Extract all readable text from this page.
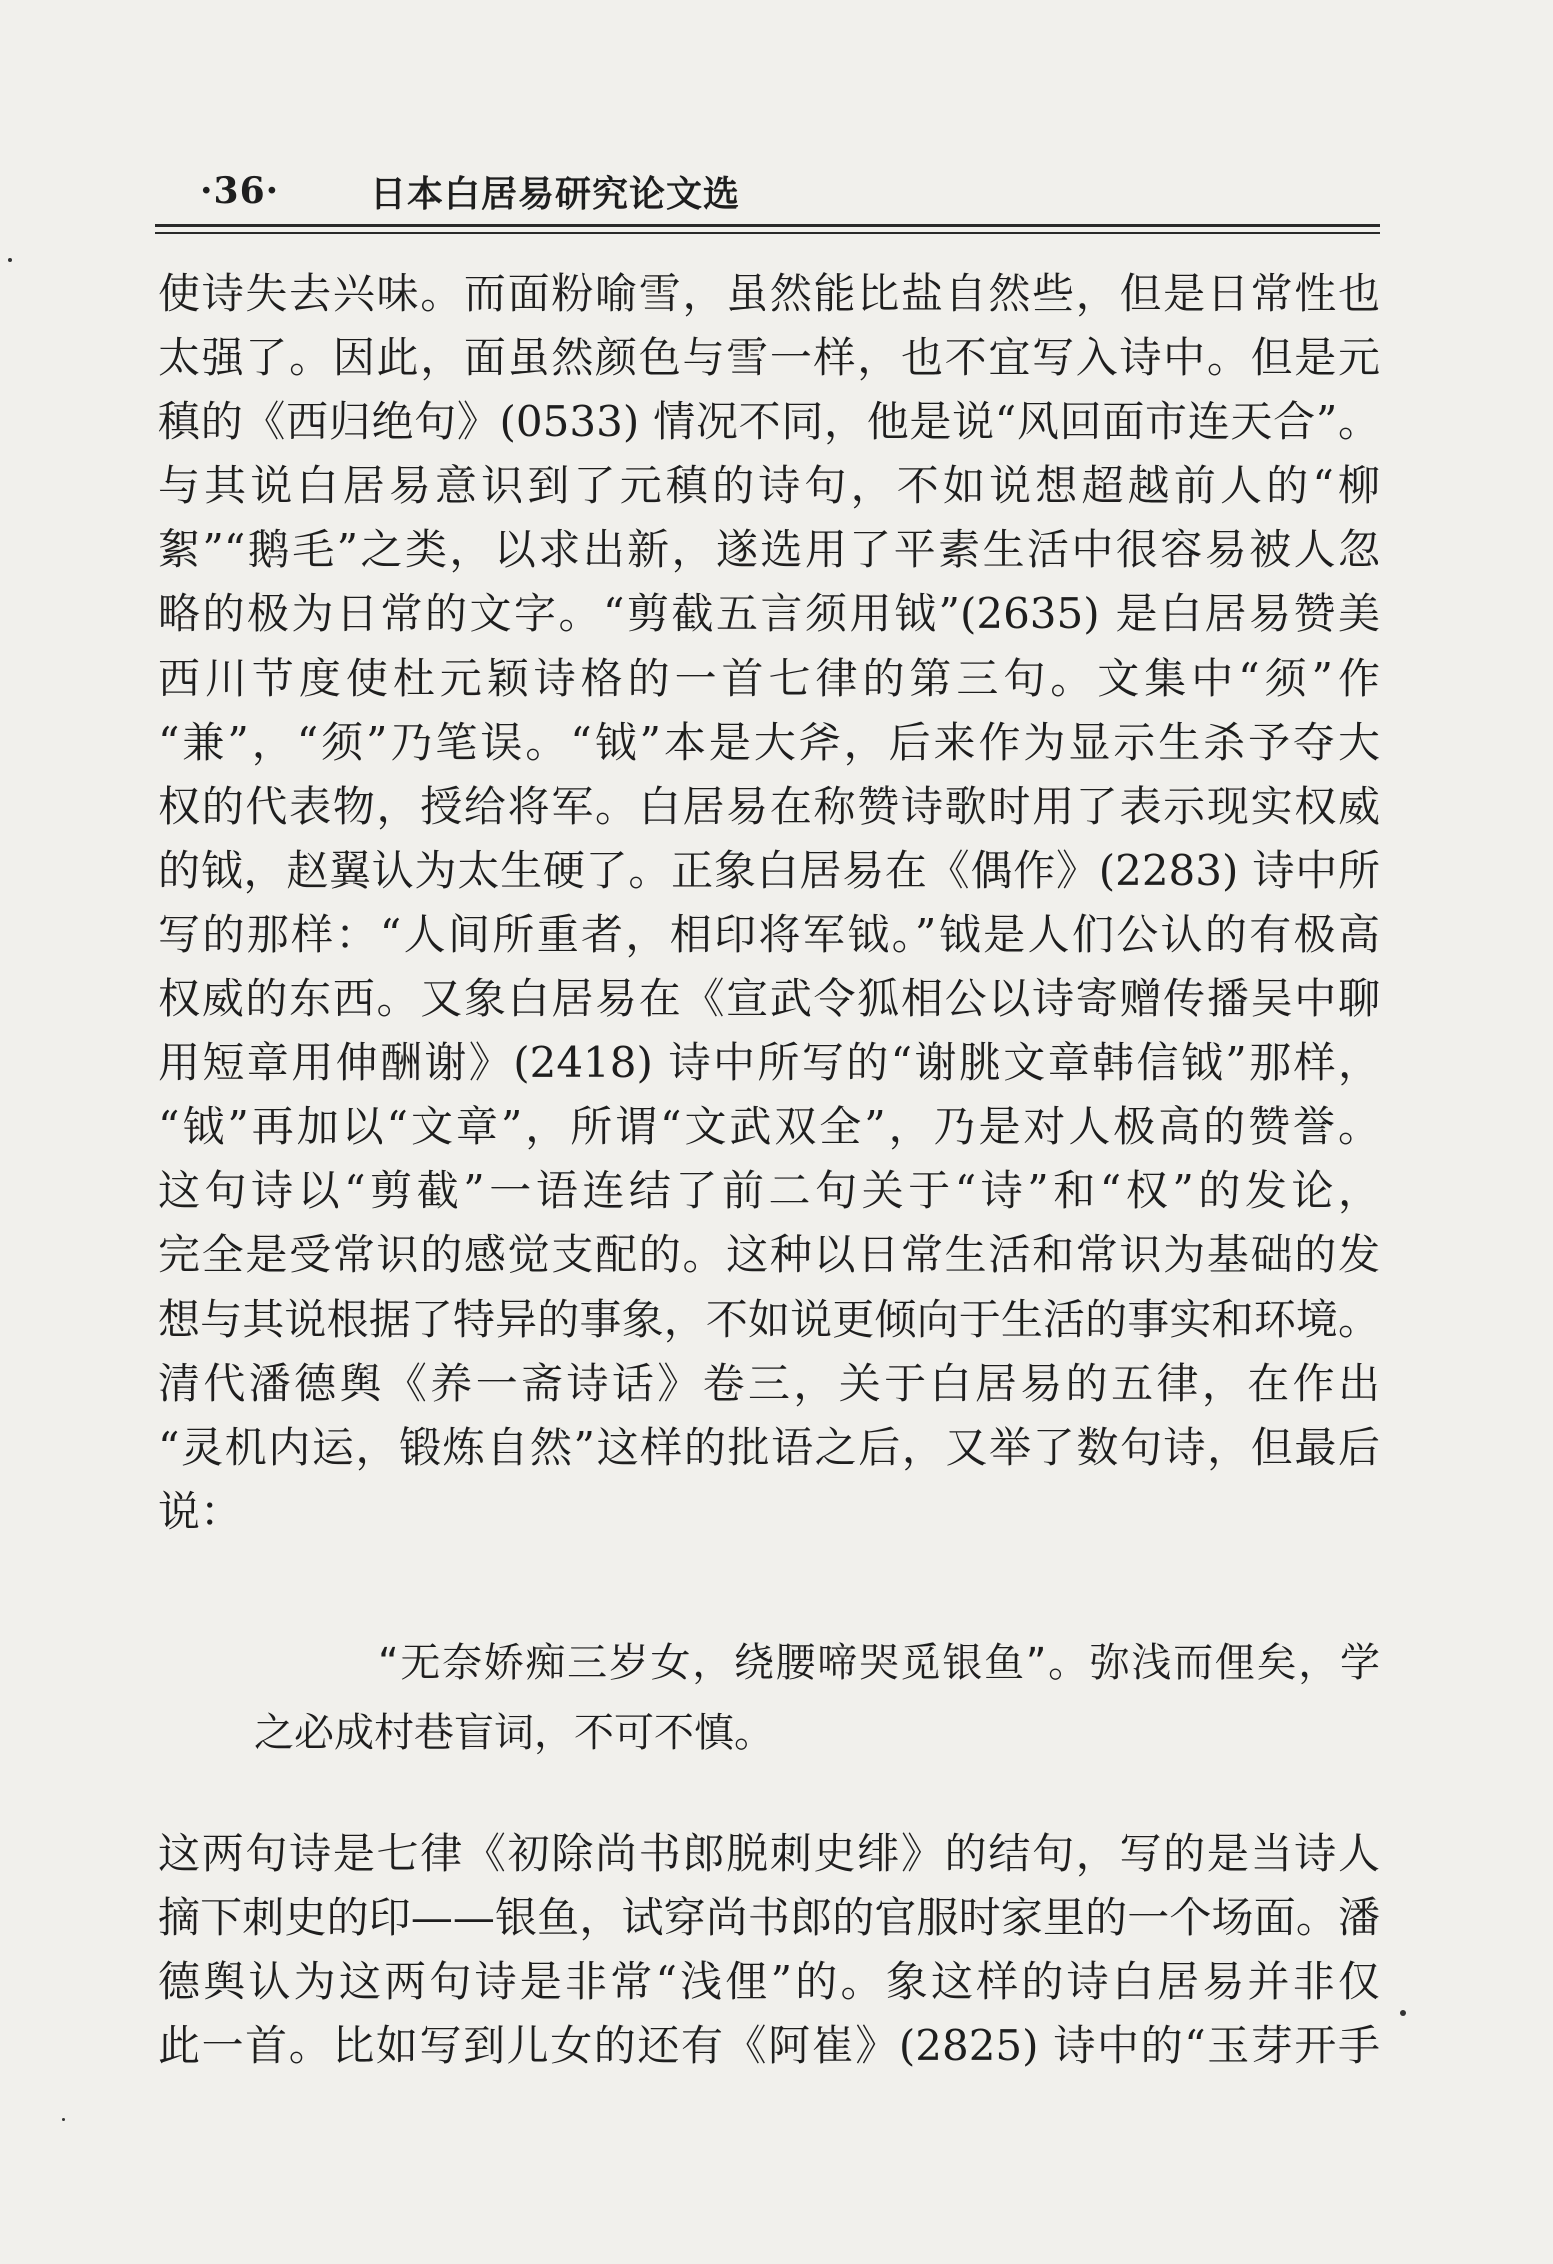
·36·	日本白居易研究论文选
使诗失去兴味。而面粉喻雪，虽然能比盐自然些，但是日常性也
太强了。因此，面虽然颜色与雪一样，也不宜写入诗中。但是元
稹的《西归绝句》(0533) 情况不同，他是说“风回面市连天合”。
与其说白居易意识到了元稹的诗句，不如说想超越前人的“柳
絮”“鹅毛”之类，以求出新，遂选用了平素生活中很容易被人忽
略的极为日常的文字。“剪截五言须用钺”(2635) 是白居易赞美
西川节度使杜元颖诗格的一首七律的第三句。文集中“须”作
“兼”，“须”乃笔误。“钺”本是大斧，后来作为显示生杀予夺大
权的代表物，授给将军。白居易在称赞诗歌时用了表示现实权威
的钺，赵翼认为太生硬了。正象白居易在《偶作》(2283) 诗中所
写的那样：“人间所重者，相印将军钺。”钺是人们公认的有极高
权威的东西。又象白居易在《宣武令狐相公以诗寄赠传播吴中聊
用短章用伸酬谢》(2418) 诗中所写的“谢朓文章韩信钺”那样，
“钺”再加以“文章”，所谓“文武双全”，乃是对人极高的赞誉。
这句诗以“剪截”一语连结了前二句关于“诗”和“权”的发论，
完全是受常识的感觉支配的。这种以日常生活和常识为基础的发
想与其说根据了特异的事象，不如说更倾向于生活的事实和环境。
清代潘德舆《养一斋诗话》卷三，关于白居易的五律，在作出
“灵机内运，锻炼自然”这样的批语之后，又举了数句诗，但最后
说：
“无奈娇痴三岁女，绕腰啼哭觅银鱼”。弥浅而俚矣，学
之必成村巷盲词，不可不慎。
这两句诗是七律《初除尚书郎脱刺史绯》的结句，写的是当诗人
摘下刺史的印——银鱼，试穿尚书郎的官服时家里的一个场面。潘
德舆认为这两句诗是非常“浅俚”的。象这样的诗白居易并非仅
此一首。比如写到儿女的还有《阿崔》(2825) 诗中的“玉芽开手
